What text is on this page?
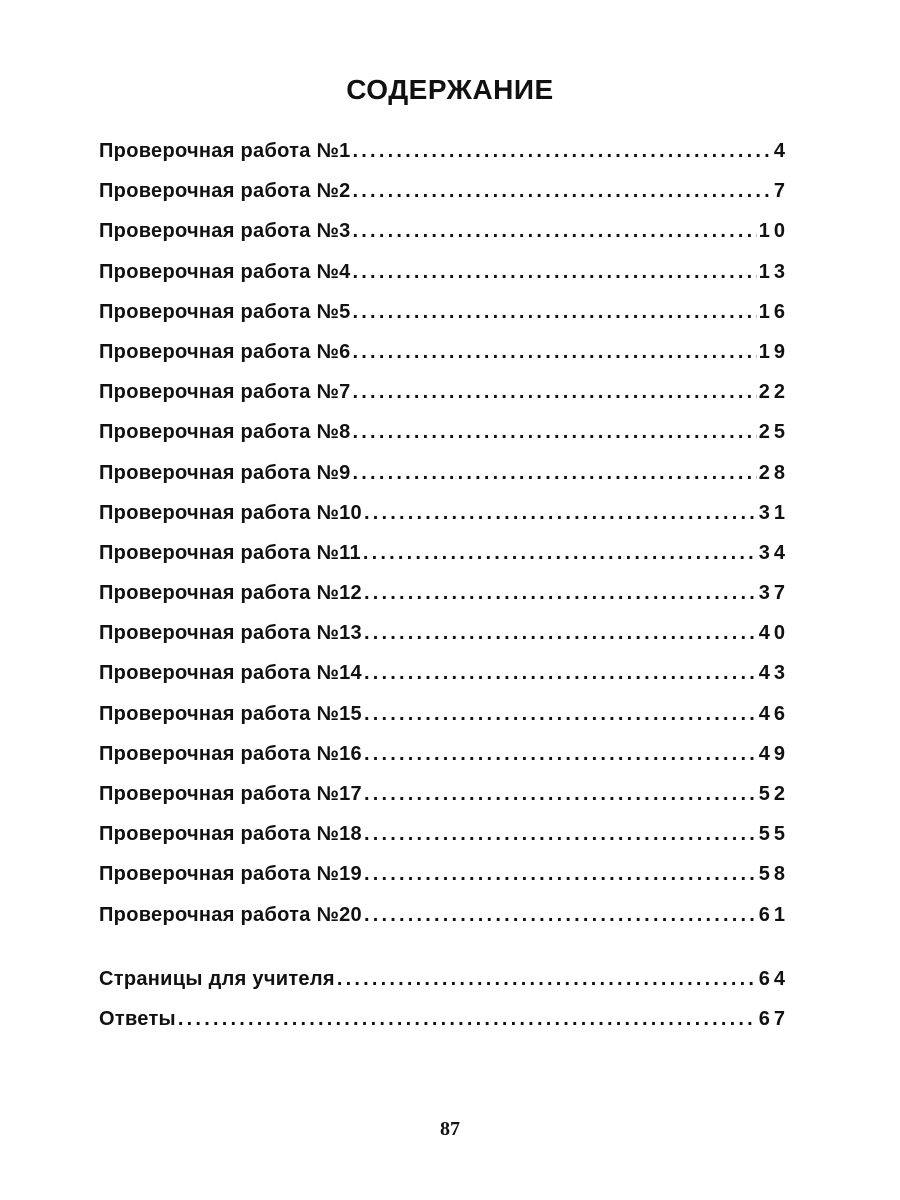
СОДЕРЖАНИЕ
Проверочная работа №1 .....	4
Проверочная работа №2 .....	7
Проверочная работа №3 .....	10
Проверочная работа №4 .....	13
Проверочная работа №5 .....	16
Проверочная работа №6 .....	19
Проверочная работа №7 .....	22
Проверочная работа №8 .....	25
Проверочная работа №9 .....	28
Проверочная работа №10 .....	31
Проверочная работа №11 .....	34
Проверочная работа №12 .....	37
Проверочная работа №13 .....	40
Проверочная работа №14 .....	43
Проверочная работа №15 .....	46
Проверочная работа №16 .....	49
Проверочная работа №17 .....	52
Проверочная работа №18 .....	55
Проверочная работа №19 .....	58
Проверочная работа №20 .....	61
Страницы для учителя .....	64
Ответы .....	67
87
